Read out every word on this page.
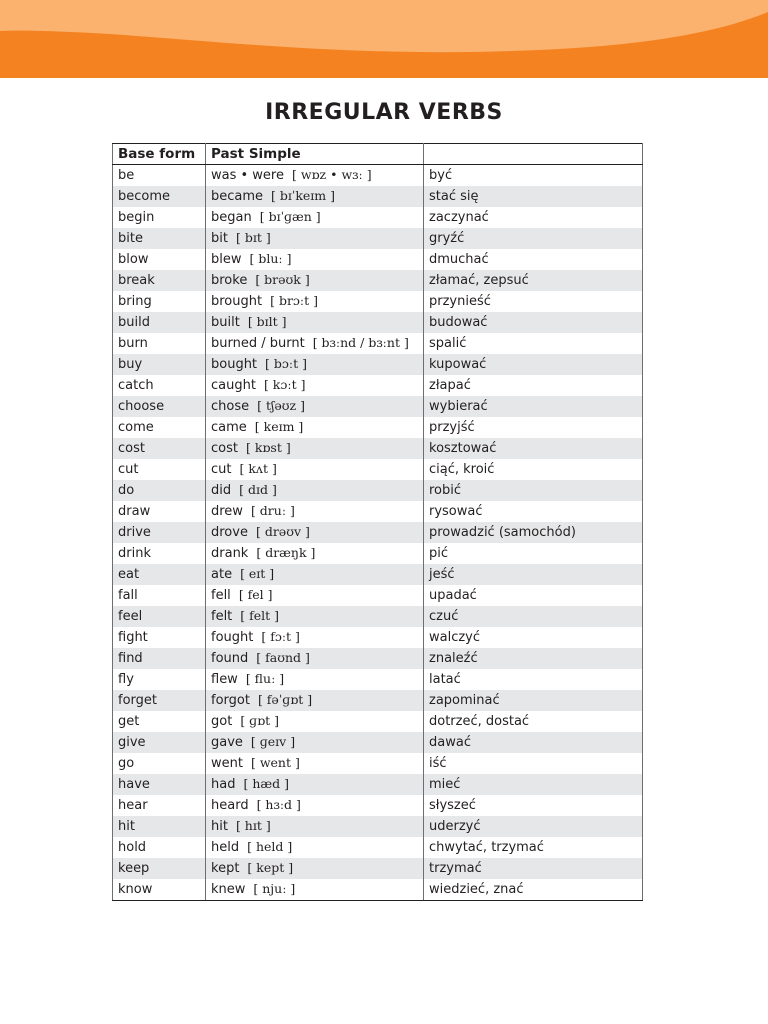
IRREGULAR VERBS
Base form	Past Simple	
be	was • were [ wɒz • wɜː ]	być
become	became [ bɪˈkeɪm ]	stać się
begin	began [ bɪˈɡæn ]	zaczynać
bite	bit [ bɪt ]	gryźć
blow	blew [ bluː ]	dmuchać
break	broke [ brəʊk ]	złamać, zepsuć
bring	brought [ brɔːt ]	przynieść
build	built [ bɪlt ]	budować
burn	burned / burnt [ bɜːnd / bɜːnt ]	spalić
buy	bought [ bɔːt ]	kupować
catch	caught [ kɔːt ]	złapać
choose	chose [ tʃəʊz ]	wybierać
come	came [ keɪm ]	przyjść
cost	cost [ kɒst ]	kosztować
cut	cut [ kʌt ]	ciąć, kroić
do	did [ dɪd ]	robić
draw	drew [ druː ]	rysować
drive	drove [ drəʊv ]	prowadzić (samochód)
drink	drank [ dræŋk ]	pić
eat	ate [ eɪt ]	jeść
fall	fell [ fel ]	upadać
feel	felt [ felt ]	czuć
fight	fought [ fɔːt ]	walczyć
find	found [ faʊnd ]	znaleźć
fly	flew [ fluː ]	latać
forget	forgot [ fəˈɡɒt ]	zapominać
get	got [ ɡɒt ]	dotrzeć, dostać
give	gave [ ɡeɪv ]	dawać
go	went [ went ]	iść
have	had [ hæd ]	mieć
hear	heard [ hɜːd ]	słyszeć
hit	hit [ hɪt ]	uderzyć
hold	held [ held ]	chwytać, trzymać
keep	kept [ kept ]	trzymać
know	knew [ njuː ]	wiedzieć, znać
